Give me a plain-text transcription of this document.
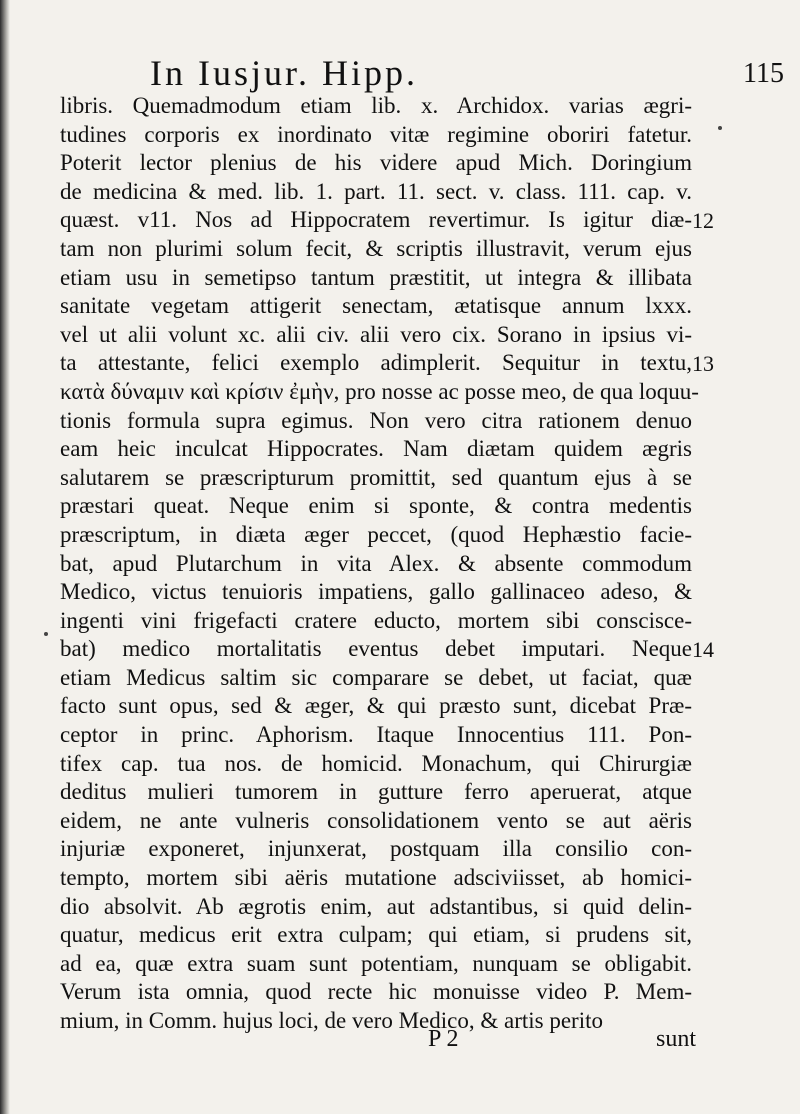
In Iusjur. Hipp.	115
libris. Quemadmodum etiam lib. x. Archidox. varias ægri-
tudines corporis ex inordinato vitæ regimine oboriri fatetur.
Poterit lector plenius de his videre apud Mich. Doringium
de medicina & med. lib. 1. part. 11. sect. v. class. 111. cap. v.
quæst. v11. Nos ad Hippocratem revertimur. Is igitur diæ-
tam non plurimi solum fecit, & scriptis illustravit, verum ejus
etiam usu in semetipso tantum præstitit, ut integra & illibata
sanitate vegetam attigerit senectam, ætatisque annum lxxx.
vel ut alii volunt xc. alii civ. alii vero cix. Sorano in ipsius vi-
ta attestante, felici exemplo adimplerit. Sequitur in textu,
κατὰ δύναμιν καὶ κρίσιν ἐμὴν, pro nosse ac posse meo, de qua loquu-
tionis formula supra egimus. Non vero citra rationem denuo
eam heic inculcat Hippocrates. Nam diætam quidem ægris
salutarem se præscripturum promittit, sed quantum ejus à se
præstari queat. Neque enim si sponte, & contra medentis
præscriptum, in diæta æger peccet, (quod Hephæstio facie-
bat, apud Plutarchum in vita Alex. & absente commodum
Medico, victus tenuioris impatiens, gallo gallinaceo adeso, &
ingenti vini frigefacti cratere educto, mortem sibi consciscе-
bat) medico mortalitatis eventus debet imputari. Neque
etiam Medicus saltim sic comparare se debet, ut faciat, quæ
facto sunt opus, sed & æger, & qui præsto sunt, dicebat Præ-
ceptor in princ. Aphorism. Itaque Innocentius 111. Pon-
tifex cap. tua nos. de homicid. Monachum, qui Chirurgiæ
deditus mulieri tumorem in gutture ferro aperuerat, atque
eidem, ne ante vulneris consolidationem vento se aut aëris
injuriæ exponeret, injunxerat, postquam illa consilio con-
tempto, mortem sibi aëris mutatione adsciviisset, ab homici-
dio absolvit. Ab ægrotis enim, aut adstantibus, si quid delin-
quatur, medicus erit extra culpam; qui etiam, si prudens sit,
ad ea, quæ extra suam sunt potentiam, nunquam se obligabit.
Verum ista omnia, quod recte hic monuisse video P. Mem-
mium, in Comm. hujus loci, de vero Medico, & artis perito
12
13
14
P 2	sunt
